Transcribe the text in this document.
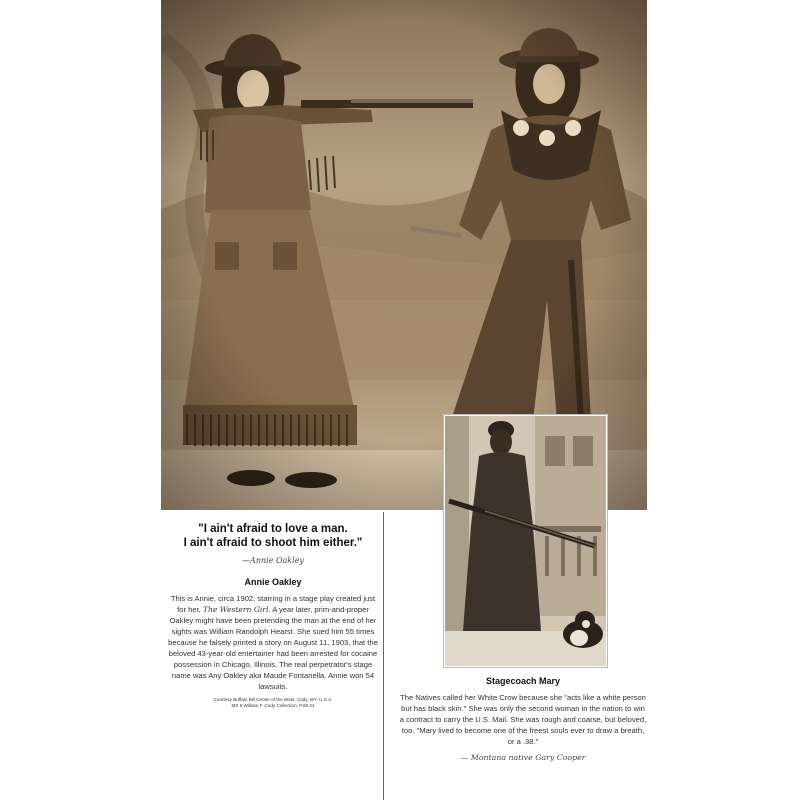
"I ain't afraid to love a man.
I ain't afraid to shoot him either."

—Annie Oakley
Annie Oakley
This is Annie, circa 1902, starring in a stage play created just for her, The Western Girl. A year later, prim-and-proper Oakley might have been pretending the man at the end of her sights was William Randolph Hearst. She sued him 55 times because he falsely printed a story on August 11, 1903, that the beloved 43-year-old entertainer had been arrested for cocaine possession in Chicago, Illinois. The real perpetrator's stage name was Any Oakley aka Maude Fontanella. Annie won 54 lawsuits.
Courtesy Buffalo Bill Center of the West, Cody, WY, U.S.A.
MS 6 William F. Cody Collection, P.69.21
Stagecoach Mary
The Natives called her White Crow because she "acts like a white person but has black skin." She was only the second woman in the nation to win a contract to carry the U.S. Mail. She was rough and coarse, but beloved, too. "Mary lived to become one of the freest souls ever to draw a breath, or a .38."
— Montana native Gary Cooper
